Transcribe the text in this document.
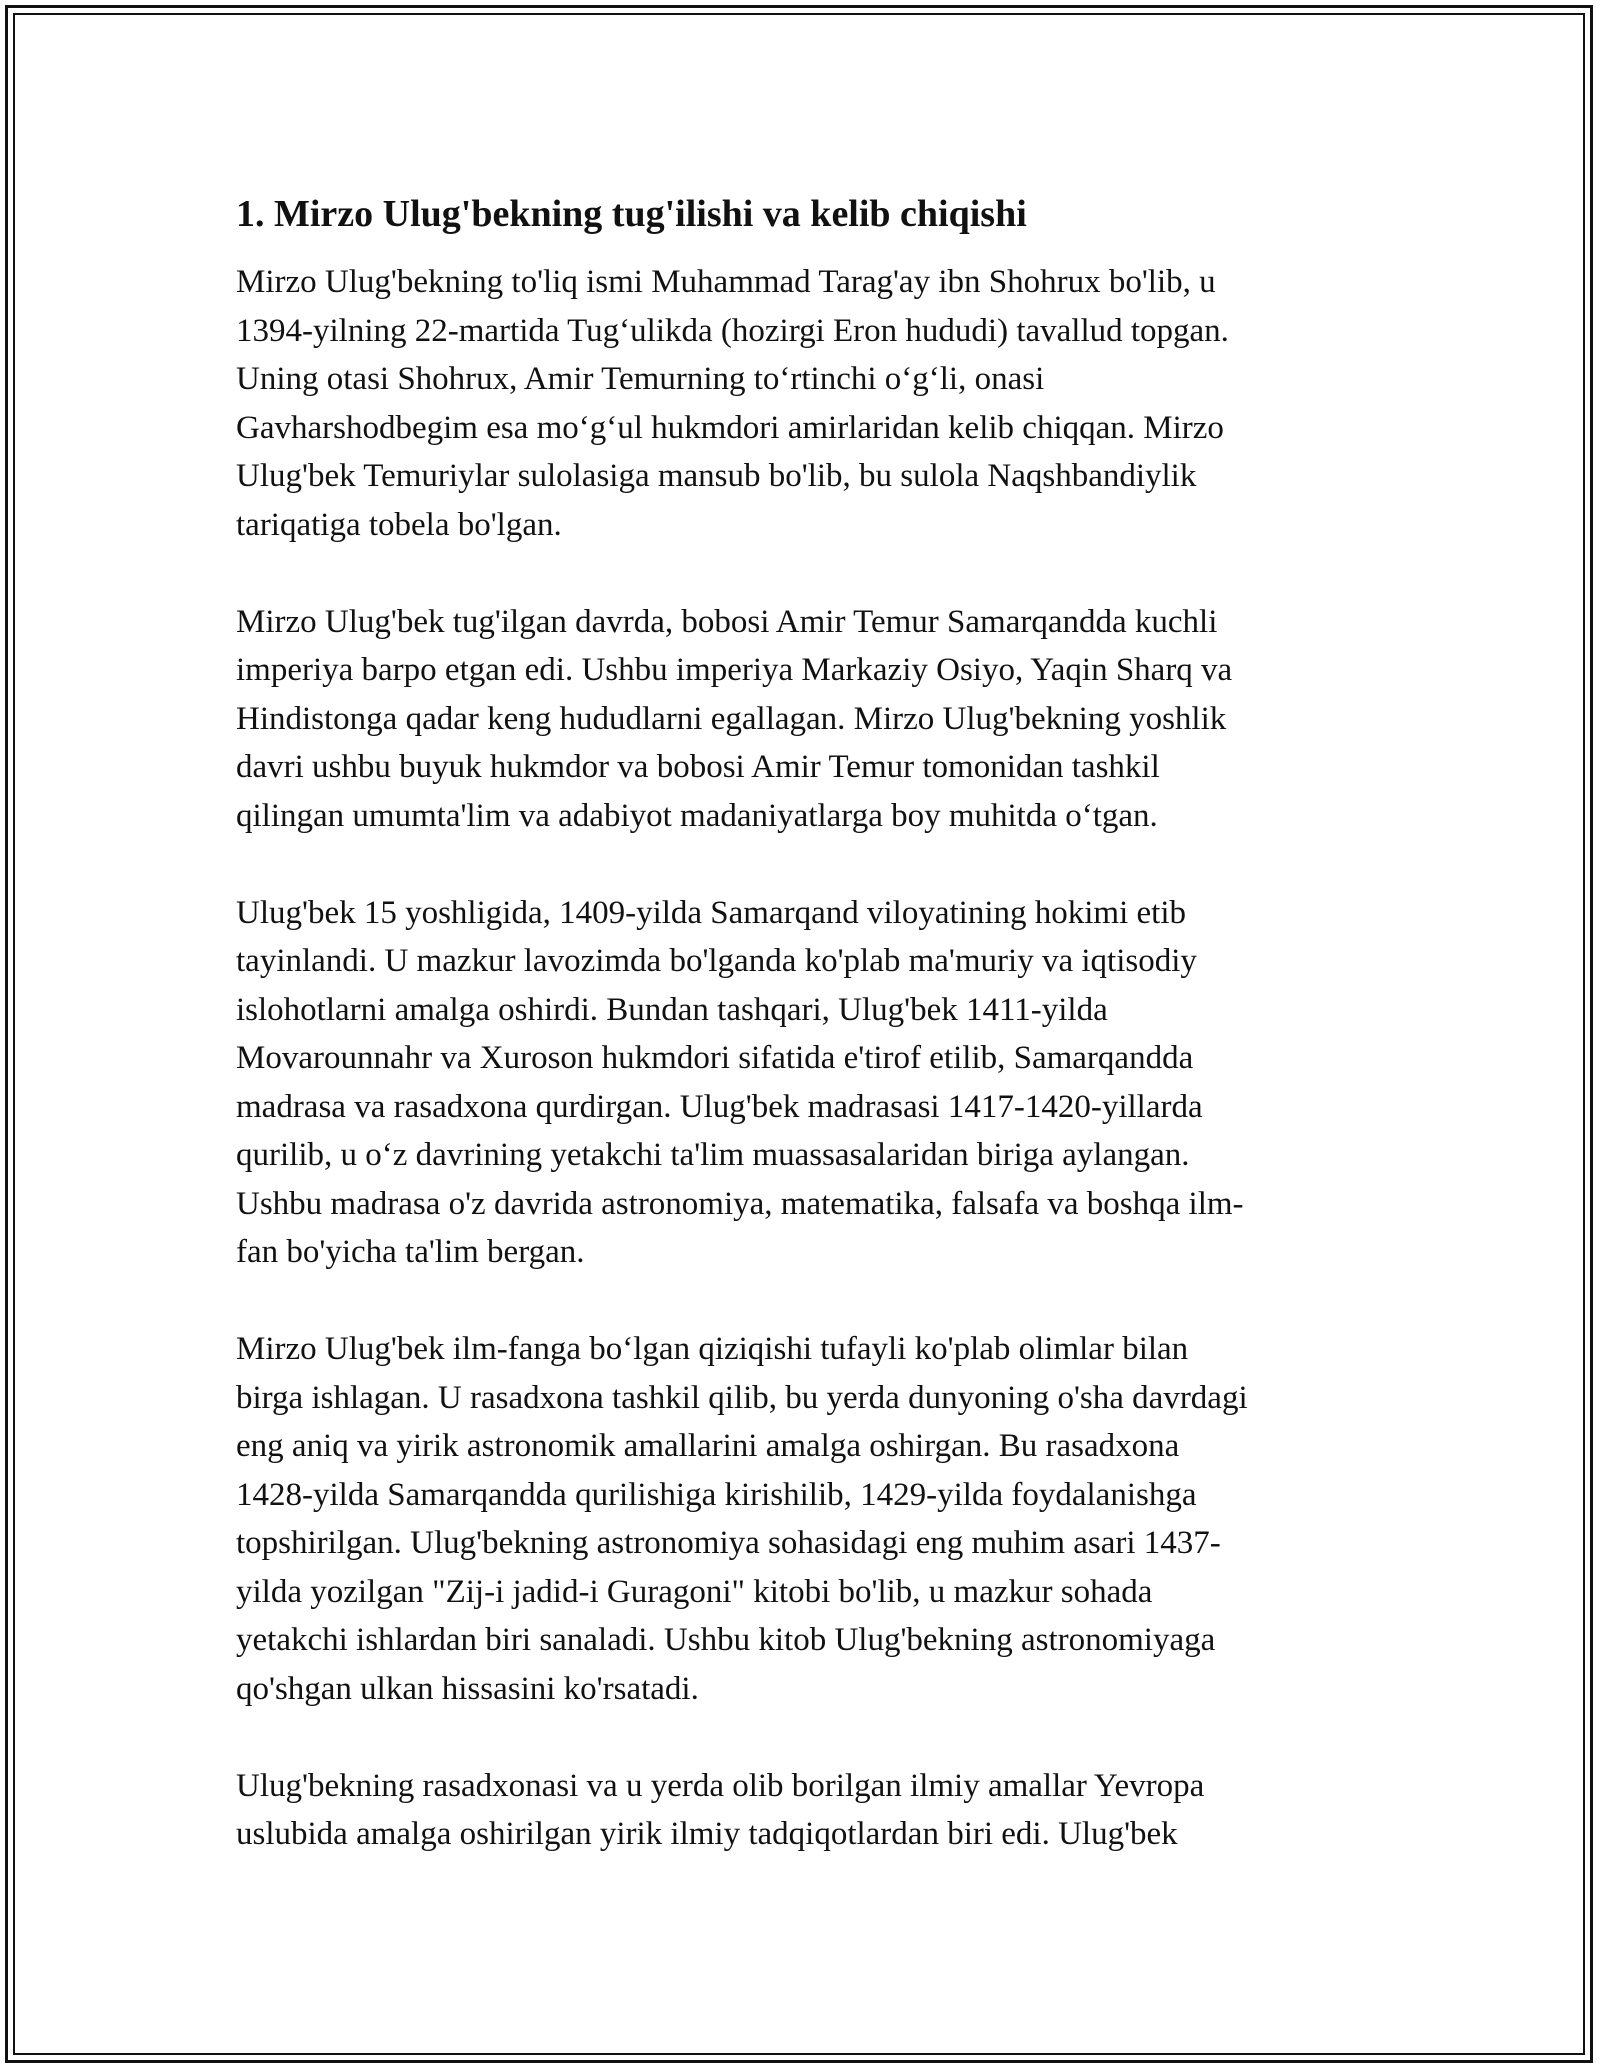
1. Mirzo Ulug'bekning tug'ilishi va kelib chiqishi

Mirzo Ulug'bekning to'liq ismi Muhammad Tarag'ay ibn Shohrux bo'lib, u
1394-yilning 22-martida Tug‘ulikda (hozirgi Eron hududi) tavallud topgan.
Uning otasi Shohrux, Amir Temurning to‘rtinchi o‘g‘li, onasi
Gavharshodbegim esa mo‘g‘ul hukmdori amirlaridan kelib chiqqan. Mirzo
Ulug'bek Temuriylar sulolasiga mansub bo'lib, bu sulola Naqshbandiylik
tariqatiga tobela bo'lgan.

Mirzo Ulug'bek tug'ilgan davrda, bobosi Amir Temur Samarqandda kuchli
imperiya barpo etgan edi. Ushbu imperiya Markaziy Osiyo, Yaqin Sharq va
Hindistonga qadar keng hududlarni egallagan. Mirzo Ulug'bekning yoshlik
davri ushbu buyuk hukmdor va bobosi Amir Temur tomonidan tashkil
qilingan umumta'lim va adabiyot madaniyatlarga boy muhitda o‘tgan.

Ulug'bek 15 yoshligida, 1409-yilda Samarqand viloyatining hokimi etib
tayinlandi. U mazkur lavozimda bo'lganda ko'plab ma'muriy va iqtisodiy
islohotlarni amalga oshirdi. Bundan tashqari, Ulug'bek 1411-yilda
Movarounnahr va Xuroson hukmdori sifatida e'tirof etilib, Samarqandda
madrasa va rasadxona qurdirgan. Ulug'bek madrasasi 1417-1420-yillarda
qurilib, u o‘z davrining yetakchi ta'lim muassasalaridan biriga aylangan.
Ushbu madrasa o'z davrida astronomiya, matematika, falsafa va boshqa ilm-
fan bo'yicha ta'lim bergan.

Mirzo Ulug'bek ilm-fanga bo‘lgan qiziqishi tufayli ko'plab olimlar bilan
birga ishlagan. U rasadxona tashkil qilib, bu yerda dunyoning o'sha davrdagi
eng aniq va yirik astronomik amallarini amalga oshirgan. Bu rasadxona
1428-yilda Samarqandda qurilishiga kirishilib, 1429-yilda foydalanishga
topshirilgan. Ulug'bekning astronomiya sohasidagi eng muhim asari 1437-
yilda yozilgan "Zij-i jadid-i Guragoni" kitobi bo'lib, u mazkur sohada
yetakchi ishlardan biri sanaladi. Ushbu kitob Ulug'bekning astronomiyaga
qo'shgan ulkan hissasini ko'rsatadi.

Ulug'bekning rasadxonasi va u yerda olib borilgan ilmiy amallar Yevropa
uslubida amalga oshirilgan yirik ilmiy tadqiqotlardan biri edi. Ulug'bek
